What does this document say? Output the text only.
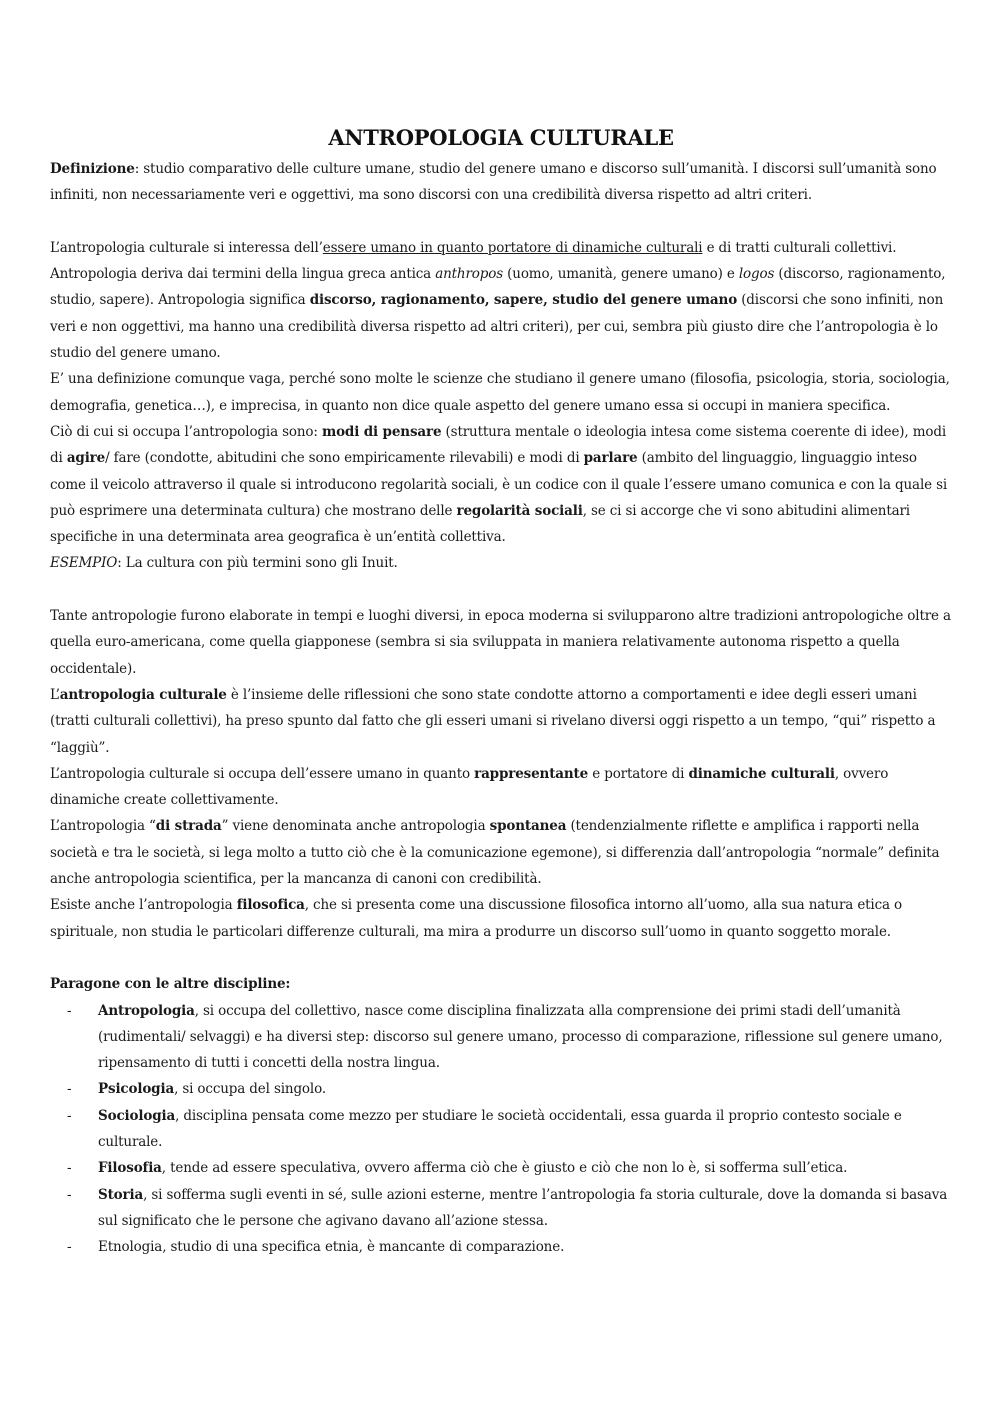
ANTROPOLOGIA CULTURALE

Definizione: studio comparativo delle culture umane, studio del genere umano e discorso sull’umanità. I discorsi sull’umanità sono infiniti, non necessariamente veri e oggettivi, ma sono discorsi con una credibilità diversa rispetto ad altri criteri.

L’antropologia culturale si interessa dell’essere umano in quanto portatore di dinamiche culturali e di tratti culturali collettivi.

Antropologia deriva dai termini della lingua greca antica anthropos (uomo, umanità, genere umano) e logos (discorso, ragionamento, studio, sapere). Antropologia significa discorso, ragionamento, sapere, studio del genere umano (discorsi che sono infiniti, non veri e non oggettivi, ma hanno una credibilità diversa rispetto ad altri criteri), per cui, sembra più giusto dire che l’antropologia è lo studio del genere umano.

E’ una definizione comunque vaga, perché sono molte le scienze che studiano il genere umano (filosofia, psicologia, storia, sociologia, demografia, genetica…), e imprecisa, in quanto non dice quale aspetto del genere umano essa si occupi in maniera specifica.

Ciò di cui si occupa l’antropologia sono: modi di pensare (struttura mentale o ideologia intesa come sistema coerente di idee), modi di agire/ fare (condotte, abitudini che sono empiricamente rilevabili) e modi di parlare (ambito del linguaggio, linguaggio inteso come il veicolo attraverso il quale si introducono regolarità sociali, è un codice con il quale l’essere umano comunica e con la quale si può esprimere una determinata cultura) che mostrano delle regolarità sociali, se ci si accorge che vi sono abitudini alimentari specifiche in una determinata area geografica è un’entità collettiva.

ESEMPIO: La cultura con più termini sono gli Inuit.

Tante antropologie furono elaborate in tempi e luoghi diversi, in epoca moderna si svilupparono altre tradizioni antropologiche oltre a quella euro-americana, come quella giapponese (sembra si sia sviluppata in maniera relativamente autonoma rispetto a quella occidentale).

L’antropologia culturale è l’insieme delle riflessioni che sono state condotte attorno a comportamenti e idee degli esseri umani (tratti culturali collettivi), ha preso spunto dal fatto che gli esseri umani si rivelano diversi oggi rispetto a un tempo, “qui” rispetto a “laggiù”.

L’antropologia culturale si occupa dell’essere umano in quanto rappresentante e portatore di dinamiche culturali, ovvero dinamiche create collettivamente.

L’antropologia “di strada” viene denominata anche antropologia spontanea (tendenzialmente riflette e amplifica i rapporti nella società e tra le società, si lega molto a tutto ciò che è la comunicazione egemone), si differenzia dall’antropologia “normale” definita anche antropologia scientifica, per la mancanza di canoni con credibilità.

Esiste anche l’antropologia filosofica, che si presenta come una discussione filosofica intorno all’uomo, alla sua natura etica o spirituale, non studia le particolari differenze culturali, ma mira a produrre un discorso sull’uomo in quanto soggetto morale.

Paragone con le altre discipline:

- Antropologia, si occupa del collettivo, nasce come disciplina finalizzata alla comprensione dei primi stadi dell’umanità (rudimentali/ selvaggi) e ha diversi step: discorso sul genere umano, processo di comparazione, riflessione sul genere umano, ripensamento di tutti i concetti della nostra lingua.
- Psicologia, si occupa del singolo.
- Sociologia, disciplina pensata come mezzo per studiare le società occidentali, essa guarda il proprio contesto sociale e culturale.
- Filosofia, tende ad essere speculativa, ovvero afferma ciò che è giusto e ciò che non lo è, si sofferma sull’etica.
- Storia, si sofferma sugli eventi in sé, sulle azioni esterne, mentre l’antropologia fa storia culturale, dove la domanda si basava sul significato che le persone che agivano davano all’azione stessa.
- Etnologia, studio di una specifica etnia, è mancante di comparazione.
